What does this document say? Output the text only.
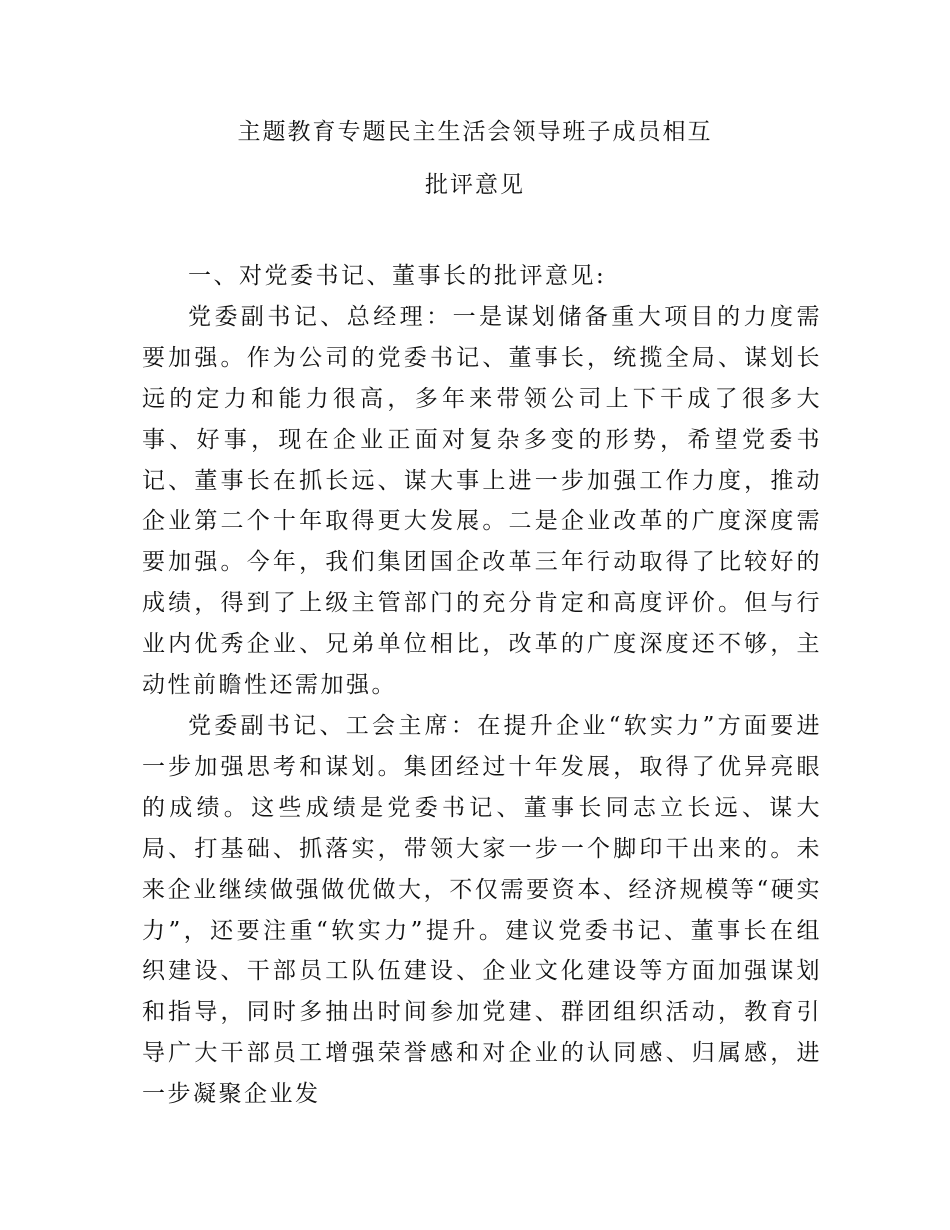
主题教育专题民主生活会领导班子成员相互
批评意见

一、对党委书记、董事长的批评意见:

党委副书记、总经理：一是谋划储备重大项目的力度需要加强。作为公司的党委书记、董事长，统揽全局、谋划长远的定力和能力很高，多年来带领公司上下干成了很多大事、好事，现在企业正面对复杂多变的形势，希望党委书记、董事长在抓长远、谋大事上进一步加强工作力度，推动企业第二个十年取得更大发展。二是企业改革的广度深度需要加强。今年，我们集团国企改革三年行动取得了比较好的成绩，得到了上级主管部门的充分肯定和高度评价。但与行业内优秀企业、兄弟单位相比，改革的广度深度还不够，主动性前瞻性还需加强。

党委副书记、工会主席：在提升企业“软实力”方面要进一步加强思考和谋划。集团经过十年发展，取得了优异亮眼的成绩。这些成绩是党委书记、董事长同志立长远、谋大局、打基础、抓落实，带领大家一步一个脚印干出来的。未来企业继续做强做优做大，不仅需要资本、经济规模等“硬实力”，还要注重“软实力”提升。建议党委书记、董事长在组织建设、干部员工队伍建设、企业文化建设等方面加强谋划和指导，同时多抽出时间参加党建、群团组织活动，教育引导广大干部员工增强荣誉感和对企业的认同感、归属感，进一步凝聚企业发
